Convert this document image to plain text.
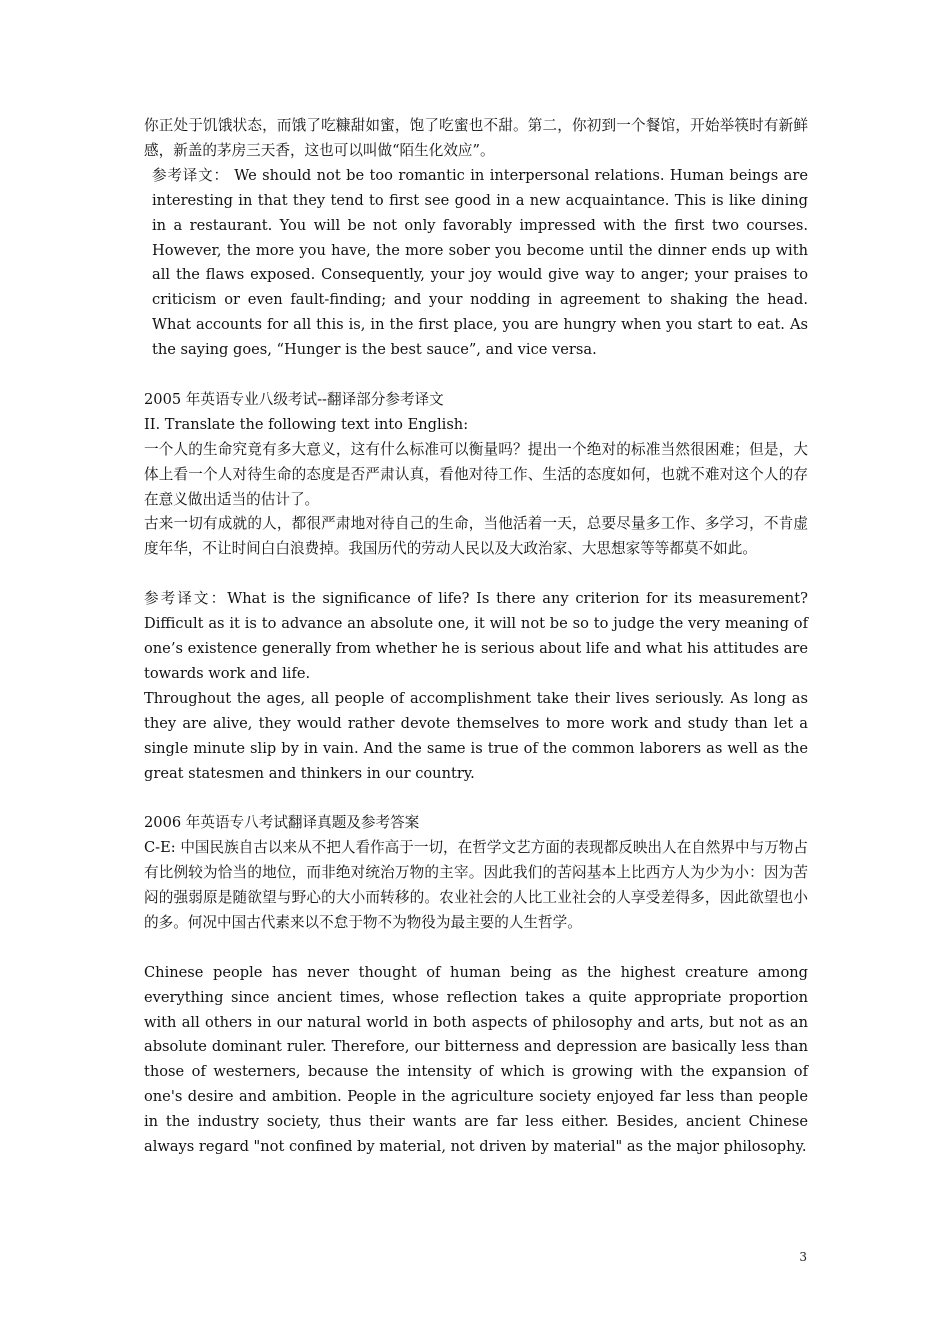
你正处于饥饿状态，而饿了吃糠甜如蜜，饱了吃蜜也不甜。第二，你初到一个餐馆，开始举筷时有新鲜感，新盖的茅房三天香，这也可以叫做“陌生化效应”。

参考译文： We should not be too romantic in interpersonal relations. Human beings are interesting in that they tend to first see good in a new acquaintance. This is like dining in a restaurant. You will be not only favorably impressed with the first two courses. However, the more you have, the more sober you become until the dinner ends up with all the flaws exposed. Consequently, your joy would give way to anger; your praises to criticism or even fault-finding; and your nodding in agreement to shaking the head. What accounts for all this is, in the first place, you are hungry when you start to eat. As the saying goes, “Hunger is the best sauce”, and vice versa.

2005 年英语专业八级考试--翻译部分参考译文

II. Translate the following text into English:

一个人的生命究竟有多大意义，这有什么标准可以衡量吗？提出一个绝对的标准当然很困难；但是，大体上看一个人对待生命的态度是否严肃认真，看他对待工作、生活的态度如何，也就不难对这个人的存在意义做出适当的估计了。

古来一切有成就的人，都很严肃地对待自己的生命，当他活着一天，总要尽量多工作、多学习，不肯虚度年华，不让时间白白浪费掉。我国历代的劳动人民以及大政治家、大思想家等等都莫不如此。

参考译文：What is the significance of life? Is there any criterion for its measurement? Difficult as it is to advance an absolute one, it will not be so to judge the very meaning of one’s existence generally from whether he is serious about life and what his attitudes are towards work and life.

Throughout the ages, all people of accomplishment take their lives seriously. As long as they are alive, they would rather devote themselves to more work and study than let a single minute slip by in vain. And the same is true of the common laborers as well as the great statesmen and thinkers in our country.

2006 年英语专八考试翻译真题及参考答案

C-E: 中国民族自古以来从不把人看作高于一切，在哲学文艺方面的表现都反映出人在自然界中与万物占有比例较为恰当的地位，而非绝对统治万物的主宰。因此我们的苦闷基本上比西方人为少为小：因为苦闷的强弱原是随欲望与野心的大小而转移的。农业社会的人比工业社会的人享受差得多，因此欲望也小的多。何况中国古代素来以不怠于物不为物役为最主要的人生哲学。

Chinese people has never thought of human being as the highest creature among everything since ancient times, whose reflection takes a quite appropriate proportion with all others in our natural world in both aspects of philosophy and arts, but not as an absolute dominant ruler. Therefore, our bitterness and depression are basically less than those of westerners, because the intensity of which is growing with the expansion of one's desire and ambition. People in the agriculture society enjoyed far less than people in the industry society, thus their wants are far less either. Besides, ancient Chinese always regard "not confined by material, not driven by material" as the major philosophy.

3
